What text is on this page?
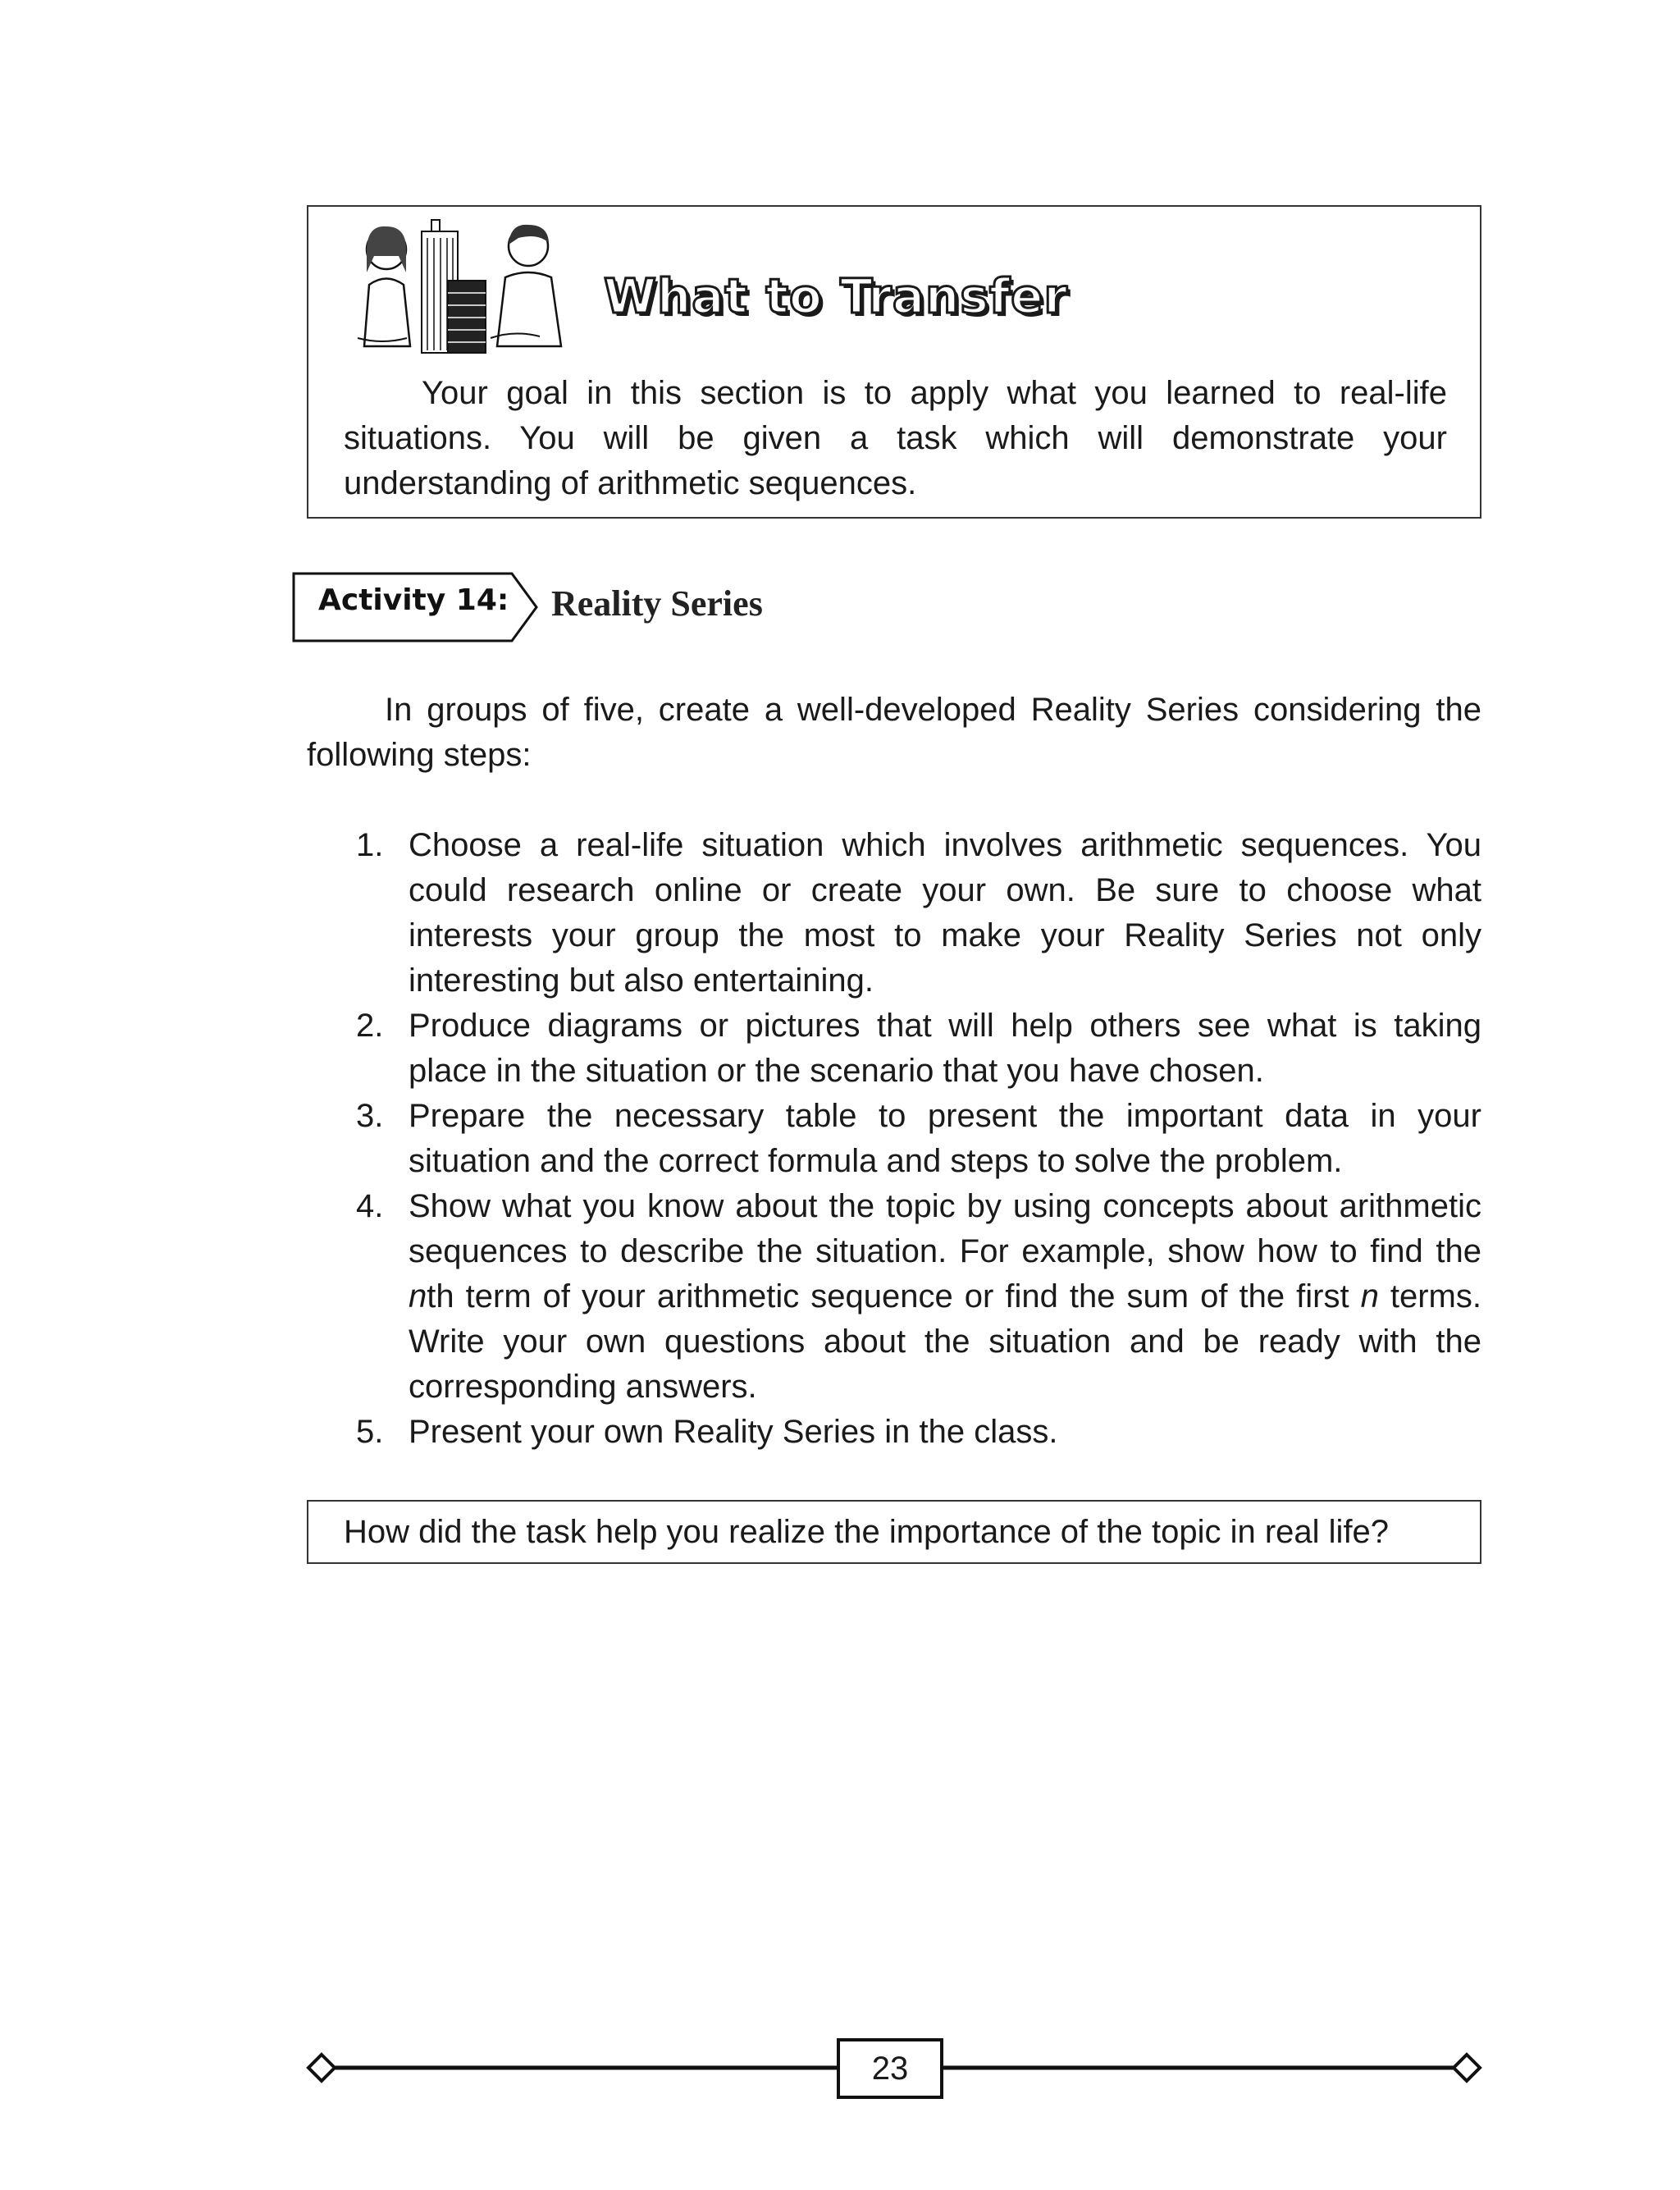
What to Transfer
Your goal in this section is to apply what you learned to real-life situations. You will be given a task which will demonstrate your understanding of arithmetic sequences.
Activity 14: Reality Series
In groups of five, create a well-developed Reality Series considering the following steps:
1. Choose a real-life situation which involves arithmetic sequences. You could research online or create your own. Be sure to choose what interests your group the most to make your Reality Series not only interesting but also entertaining.
2. Produce diagrams or pictures that will help others see what is taking place in the situation or the scenario that you have chosen.
3. Prepare the necessary table to present the important data in your situation and the correct formula and steps to solve the problem.
4. Show what you know about the topic by using concepts about arithmetic sequences to describe the situation. For example, show how to find the nth term of your arithmetic sequence or find the sum of the first n terms. Write your own questions about the situation and be ready with the corresponding answers.
5. Present your own Reality Series in the class.
How did the task help you realize the importance of the topic in real life?
23
